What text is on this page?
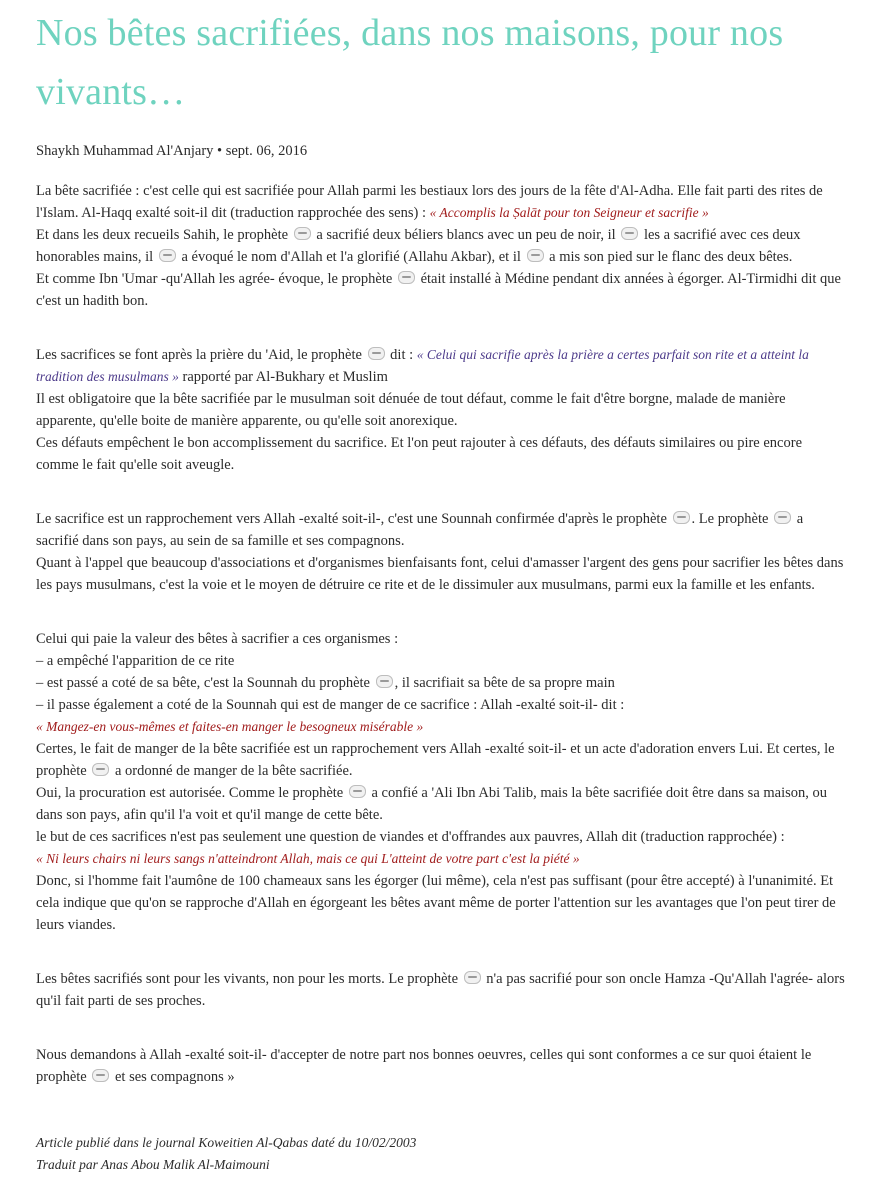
Nos bêtes sacrifiées, dans nos maisons, pour nos vivants…
Shaykh Muhammad Al'Anjary • sept. 06, 2016
La bête sacrifiée : c'est celle qui est sacrifiée pour Allah parmi les bestiaux lors des jours de la fête d'Al-Adha. Elle fait parti des rites de l'Islam. Al-Haqq exalté soit-il dit (traduction rapprochée des sens) : « Accomplis la Ṣalāt pour ton Seigneur et sacrifie »
Et dans les deux recueils Sahih, le prophète  a sacrifié deux béliers blancs avec un peu de noir, il  les a sacrifié avec ces deux honorables mains, il  a évoqué le nom d'Allah et l'a glorifié (Allahu Akbar), et il  a mis son pied sur le flanc des deux bêtes.
Et comme Ibn 'Umar -qu'Allah les agrée- évoque, le prophète  était installé à Médine pendant dix années à égorger. Al-Tirmidhi dit que c'est un hadith bon.
Les sacrifices se font après la prière du 'Aid, le prophète  dit : « Celui qui sacrifie après la prière a certes parfait son rite et a atteint la tradition des musulmans » rapporté par Al-Bukhary et Muslim
Il est obligatoire que la bête sacrifiée par le musulman soit dénuée de tout défaut, comme le fait d'être borgne, malade de manière apparente, qu'elle boite de manière apparente, ou qu'elle soit anorexique.
Ces défauts empêchent le bon accomplissement du sacrifice. Et l'on peut rajouter à ces défauts, des défauts similaires ou pire encore comme le fait qu'elle soit aveugle.
Le sacrifice est un rapprochement vers Allah -exalté soit-il-, c'est une Sounnah confirmée d'après le prophète . Le prophète  a sacrifié dans son pays, au sein de sa famille et ses compagnons.
Quant à l'appel que beaucoup d'associations et d'organismes bienfaisants font, celui d'amasser l'argent des gens pour sacrifier les bêtes dans les pays musulmans, c'est la voie et le moyen de détruire ce rite et de le dissimuler aux musulmans, parmi eux la famille et les enfants.
Celui qui paie la valeur des bêtes à sacrifier a ces organismes :
– a empêché l'apparition de ce rite
– est passé a coté de sa bête, c'est la Sounnah du prophète , il sacrifiait sa bête de sa propre main
– il passe également a coté de la Sounnah qui est de manger de ce sacrifice : Allah -exalté soit-il- dit :
« Mangez-en vous-mêmes et faites-en manger le besogneux misérable »
Certes, le fait de manger de la bête sacrifiée est un rapprochement vers Allah -exalté soit-il- et un acte d'adoration envers Lui. Et certes, le prophète  a ordonné de manger de la bête sacrifiée.
Oui, la procuration est autorisée. Comme le prophète  a confié a 'Ali Ibn Abi Talib, mais la bête sacrifiée doit être dans sa maison, ou dans son pays, afin qu'il l'a voit et qu'il mange de cette bête.
le but de ces sacrifices n'est pas seulement une question de viandes et d'offrandes aux pauvres, Allah dit (traduction rapprochée) :
« Ni leurs chairs ni leurs sangs n'atteindront Allah, mais ce qui L'atteint de votre part c'est la piété »
Donc, si l'homme fait l'aumône de 100 chameaux sans les égorger (lui même), cela n'est pas suffisant (pour être accepté) à l'unanimité. Et cela indique que qu'on se rapproche d'Allah en égorgeant les bêtes avant même de porter l'attention sur les avantages que l'on peut tirer de leurs viandes.
Les bêtes sacrifiés sont pour les vivants, non pour les morts. Le prophète  n'a pas sacrifié pour son oncle Hamza -Qu'Allah l'agrée- alors qu'il fait parti de ses proches.
Nous demandons à Allah -exalté soit-il- d'accepter de notre part nos bonnes oeuvres, celles qui sont conformes a ce sur quoi étaient le prophète  et ses compagnons »
Article publié dans le journal Koweitien Al-Qabas daté du 10/02/2003
Traduit par Anas Abou Malik Al-Maimouni
